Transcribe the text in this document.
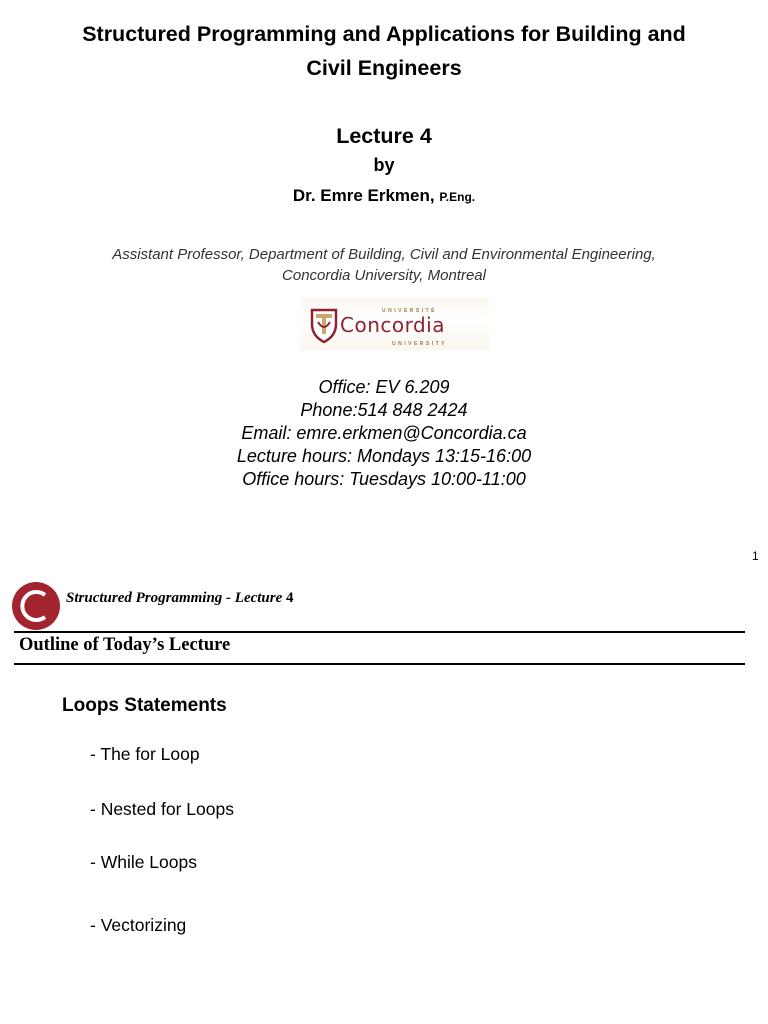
Structured Programming and Applications for Building and
Civil Engineers
Lecture 4
by
Dr. Emre Erkmen, P.Eng.
Assistant Professor, Department of Building, Civil and Environmental Engineering,
Concordia University, Montreal
UNIVERSITÉ
Concordia
UNIVERSITY
Office: EV 6.209
Phone:514 848 2424
Email: emre.erkmen@Concordia.ca
Lecture hours: Mondays 13:15-16:00
Office hours: Tuesdays 10:00-11:00
1
Structured Programming - Lecture 4
Outline of Today’s Lecture
Loops Statements
- The for Loop
- Nested for Loops
- While Loops
- Vectorizing
